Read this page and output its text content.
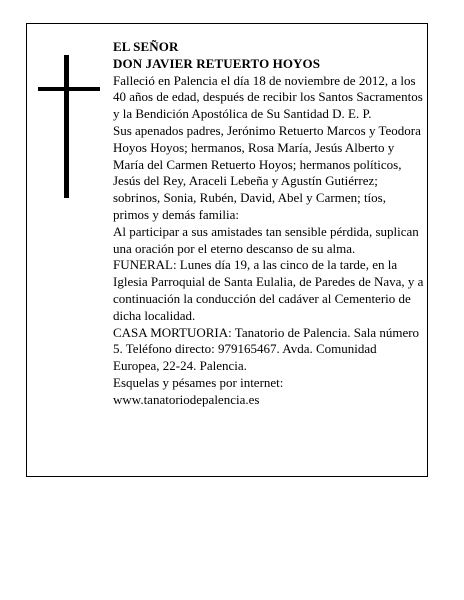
EL SEÑOR
DON JAVIER RETUERTO HOYOS

Falleció en Palencia el día 18 de noviembre de 2012, a los 40 años de edad, después de recibir los Santos Sacramentos y la Bendición Apostólica de Su Santidad D. E. P.

Sus apenados padres, Jerónimo Retuerto Marcos y Teodora Hoyos Hoyos; hermanos, Rosa María, Jesús Alberto y María del Carmen Retuerto Hoyos; hermanos políticos, Jesús del Rey, Araceli Lebeña y Agustín Gutiérrez; sobrinos, Sonia, Rubén, David, Abel y Carmen; tíos, primos y demás familia:

Al participar a sus amistades tan sensible pérdida, suplican una oración por el eterno descanso de su alma.

FUNERAL: Lunes día 19, a las cinco de la tarde, en la Iglesia Parroquial de Santa Eulalia, de Paredes de Nava, y a continuación la conducción del cadáver al Cementerio de dicha localidad.

CASA MORTUORIA: Tanatorio de Palencia. Sala número 5. Teléfono directo: 979165467. Avda. Comunidad Europea, 22-24. Palencia.

Esquelas y pésames por internet: www.tanatoriodepalencia.es
